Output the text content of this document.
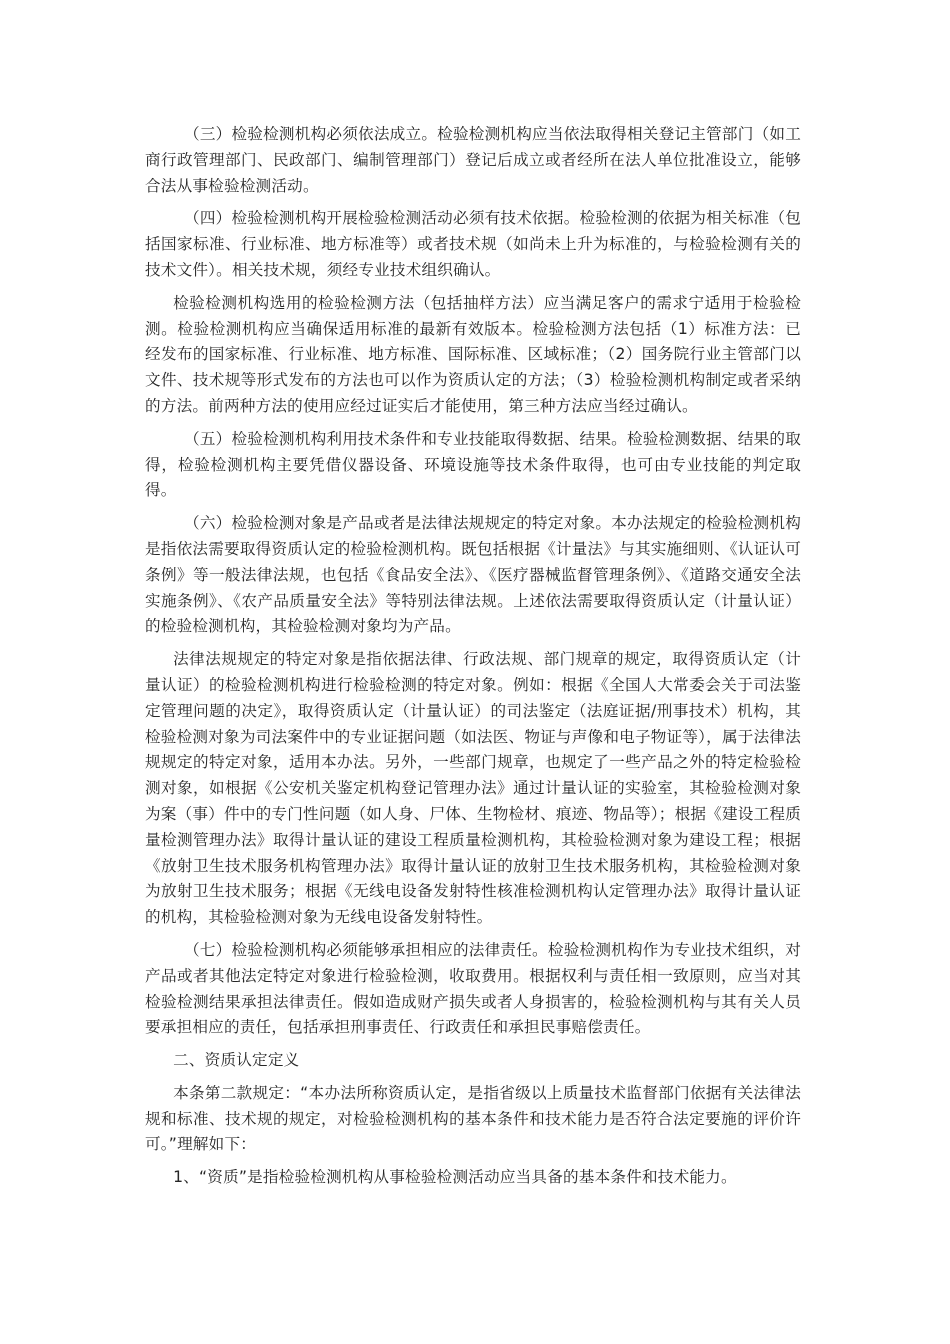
（三）检验检测机构必须依法成立。检验检测机构应当依法取得相关登记主管部门（如工商行政管理部门、民政部门、编制管理部门）登记后成立或者经所在法人单位批准设立，能够合法从事检验检测活动。

（四）检验检测机构开展检验检测活动必须有技术依据。检验检测的依据为相关标准（包括国家标准、行业标准、地方标准等）或者技术规（如尚未上升为标准的，与检验检测有关的技术文件）。相关技术规，须经专业技术组织确认。

检验检测机构选用的检验检测方法（包括抽样方法）应当满足客户的需求宁适用于检验检测。检验检测机构应当确保适用标准的最新有效版本。检验检测方法包括（1）标准方法：已经发布的国家标准、行业标准、地方标准、国际标准、区域标准；（2）国务院行业主管部门以文件、技术规等形式发布的方法也可以作为资质认定的方法；（3）检验检测机构制定或者采纳的方法。前两种方法的使用应经过证实后才能使用，第三种方法应当经过确认。

（五）检验检测机构利用技术条件和专业技能取得数据、结果。检验检测数据、结果的取得，检验检测机构主要凭借仪器设备、环境设施等技术条件取得，也可由专业技能的判定取得。

（六）检验检测对象是产品或者是法律法规规定的特定对象。本办法规定的检验检测机构是指依法需要取得资质认定的检验检测机构。既包括根据《计量法》与其实施细则、《认证认可条例》等一般法律法规，也包括《食品安全法》、《医疗器械监督管理条例》、《道路交通安全法实施条例》、《农产品质量安全法》等特别法律法规。上述依法需要取得资质认定（计量认证）的检验检测机构，其检验检测对象均为产品。

法律法规规定的特定对象是指依据法律、行政法规、部门规章的规定，取得资质认定（计量认证）的检验检测机构进行检验检测的特定对象。例如：根据《全国人大常委会关于司法鉴定管理问题的决定》，取得资质认定（计量认证）的司法鉴定（法庭证据/刑事技术）机构，其检验检测对象为司法案件中的专业证据问题（如法医、物证与声像和电子物证等），属于法律法规规定的特定对象，适用本办法。另外，一些部门规章，也规定了一些产品之外的特定检验检测对象，如根据《公安机关鉴定机构登记管理办法》通过计量认证的实验室，其检验检测对象为案（事）件中的专门性问题（如人身、尸体、生物检材、痕迹、物品等）；根据《建设工程质量检测管理办法》取得计量认证的建设工程质量检测机构，其检验检测对象为建设工程；根据《放射卫生技术服务机构管理办法》取得计量认证的放射卫生技术服务机构，其检验检测对象为放射卫生技术服务；根据《无线电设备发射特性核准检测机构认定管理办法》取得计量认证的机构，其检验检测对象为无线电设备发射特性。

（七）检验检测机构必须能够承担相应的法律责任。检验检测机构作为专业技术组织，对产品或者其他法定特定对象进行检验检测，收取费用。根据权利与责任相一致原则，应当对其检验检测结果承担法律责任。假如造成财产损失或者人身损害的，检验检测机构与其有关人员要承担相应的责任，包括承担刑事责任、行政责任和承担民事赔偿责任。

二、资质认定定义

本条第二款规定：“本办法所称资质认定，是指省级以上质量技术监督部门依据有关法律法规和标准、技术规的规定，对检验检测机构的基本条件和技术能力是否符合法定要施的评价许可。”理解如下：

1、“资质”是指检验检测机构从事检验检测活动应当具备的基本条件和技术能力。
